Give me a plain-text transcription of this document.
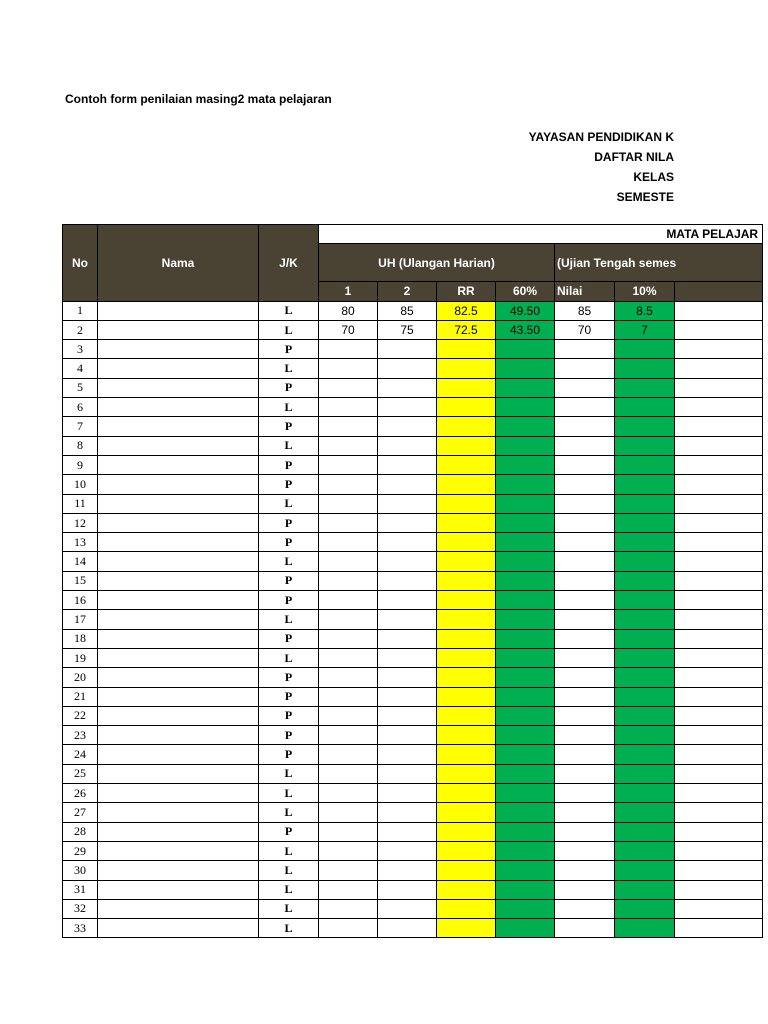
Contoh form penilaian masing2 mata pelajaran
YAYASAN PENDIDIKAN K
DAFTAR NILA
KELAS
SEMESTE
No	Nama	J/K	MATA PELAJAR						
			UH (Ulangan Harian)				(Ujian Tengah semes		
			1	2	RR	60%	Nilai	10%	
1		L	80	85	82.5	49.50	85	8.5	
2		L	70	75	72.5	43.50	70	7	
3		P							
4		L							
5		P							
6		L							
7		P							
8		L							
9		P							
10		P							
11		L							
12		P							
13		P							
14		L							
15		P							
16		P							
17		L							
18		P							
19		L							
20		P							
21		P							
22		P							
23		P							
24		P							
25		L							
26		L							
27		L							
28		P							
29		L							
30		L							
31		L							
32		L							
33		L							
